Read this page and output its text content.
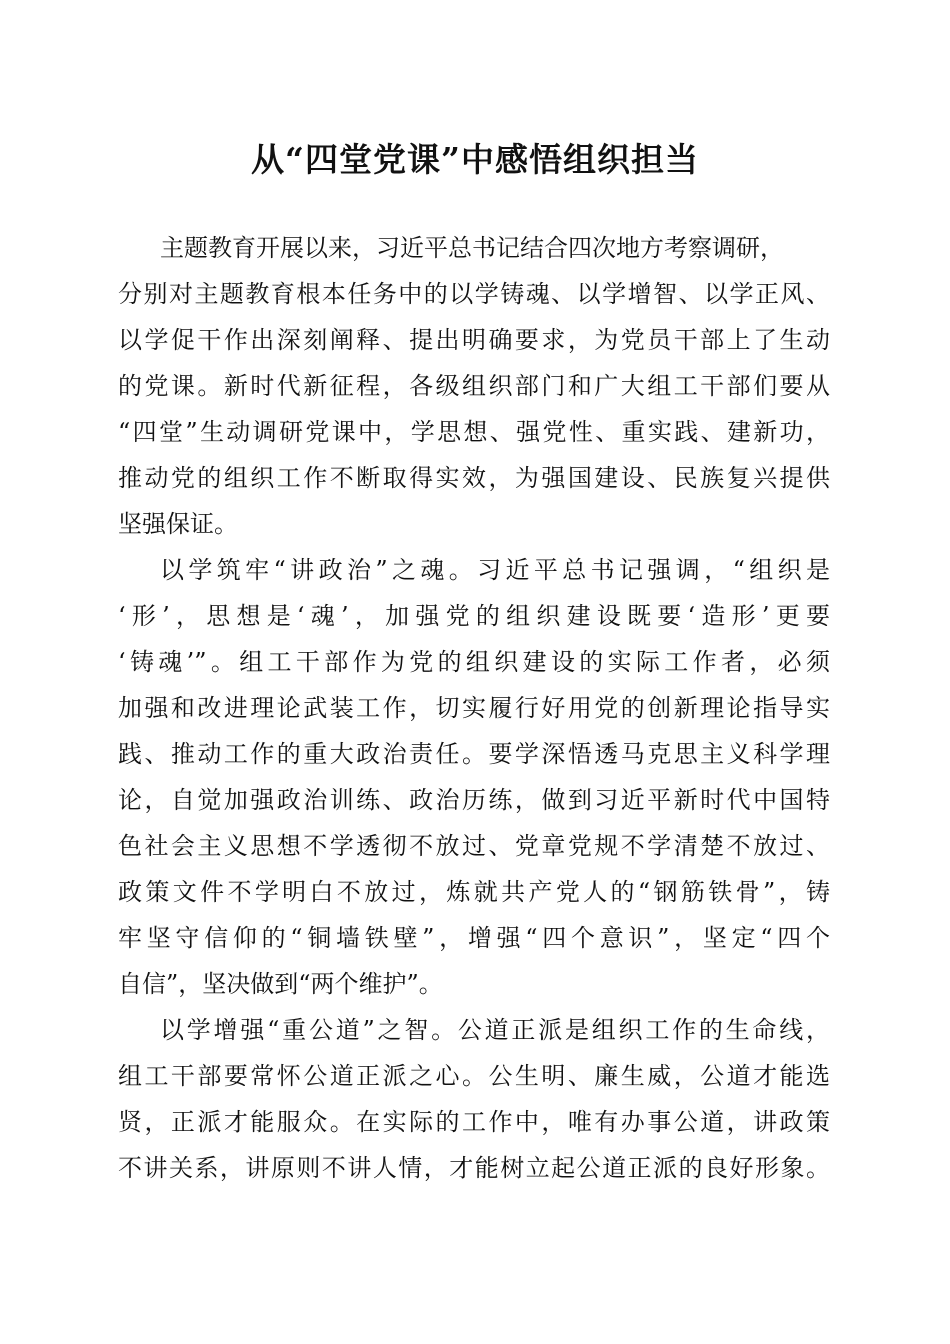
从“四堂党课”中感悟组织担当
主题教育开展以来，习近平总书记结合四次地方考察调研，
分别对主题教育根本任务中的以学铸魂、以学增智、以学正风、
以学促干作出深刻阐释、提出明确要求，为党员干部上了生动
的党课。新时代新征程，各级组织部门和广大组工干部们要从
“四堂”生动调研党课中，学思想、强党性、重实践、建新功，
推动党的组织工作不断取得实效，为强国建设、民族复兴提供
坚强保证。
以学筑牢“讲政治”之魂。习近平总书记强调，“组织是
‘形’，思想是‘魂’，加强党的组织建设既要‘造形’更要
‘铸魂’”。组工干部作为党的组织建设的实际工作者，必须
加强和改进理论武装工作，切实履行好用党的创新理论指导实
践、推动工作的重大政治责任。要学深悟透马克思主义科学理
论，自觉加强政治训练、政治历练，做到习近平新时代中国特
色社会主义思想不学透彻不放过、党章党规不学清楚不放过、
政策文件不学明白不放过，炼就共产党人的“钢筋铁骨”，铸
牢坚守信仰的“铜墙铁壁”，增强“四个意识”，坚定“四个
自信”，坚决做到“两个维护”。
以学增强“重公道”之智。公道正派是组织工作的生命线，
组工干部要常怀公道正派之心。公生明、廉生威，公道才能选
贤，正派才能服众。在实际的工作中，唯有办事公道，讲政策
不讲关系，讲原则不讲人情，才能树立起公道正派的良好形象。
